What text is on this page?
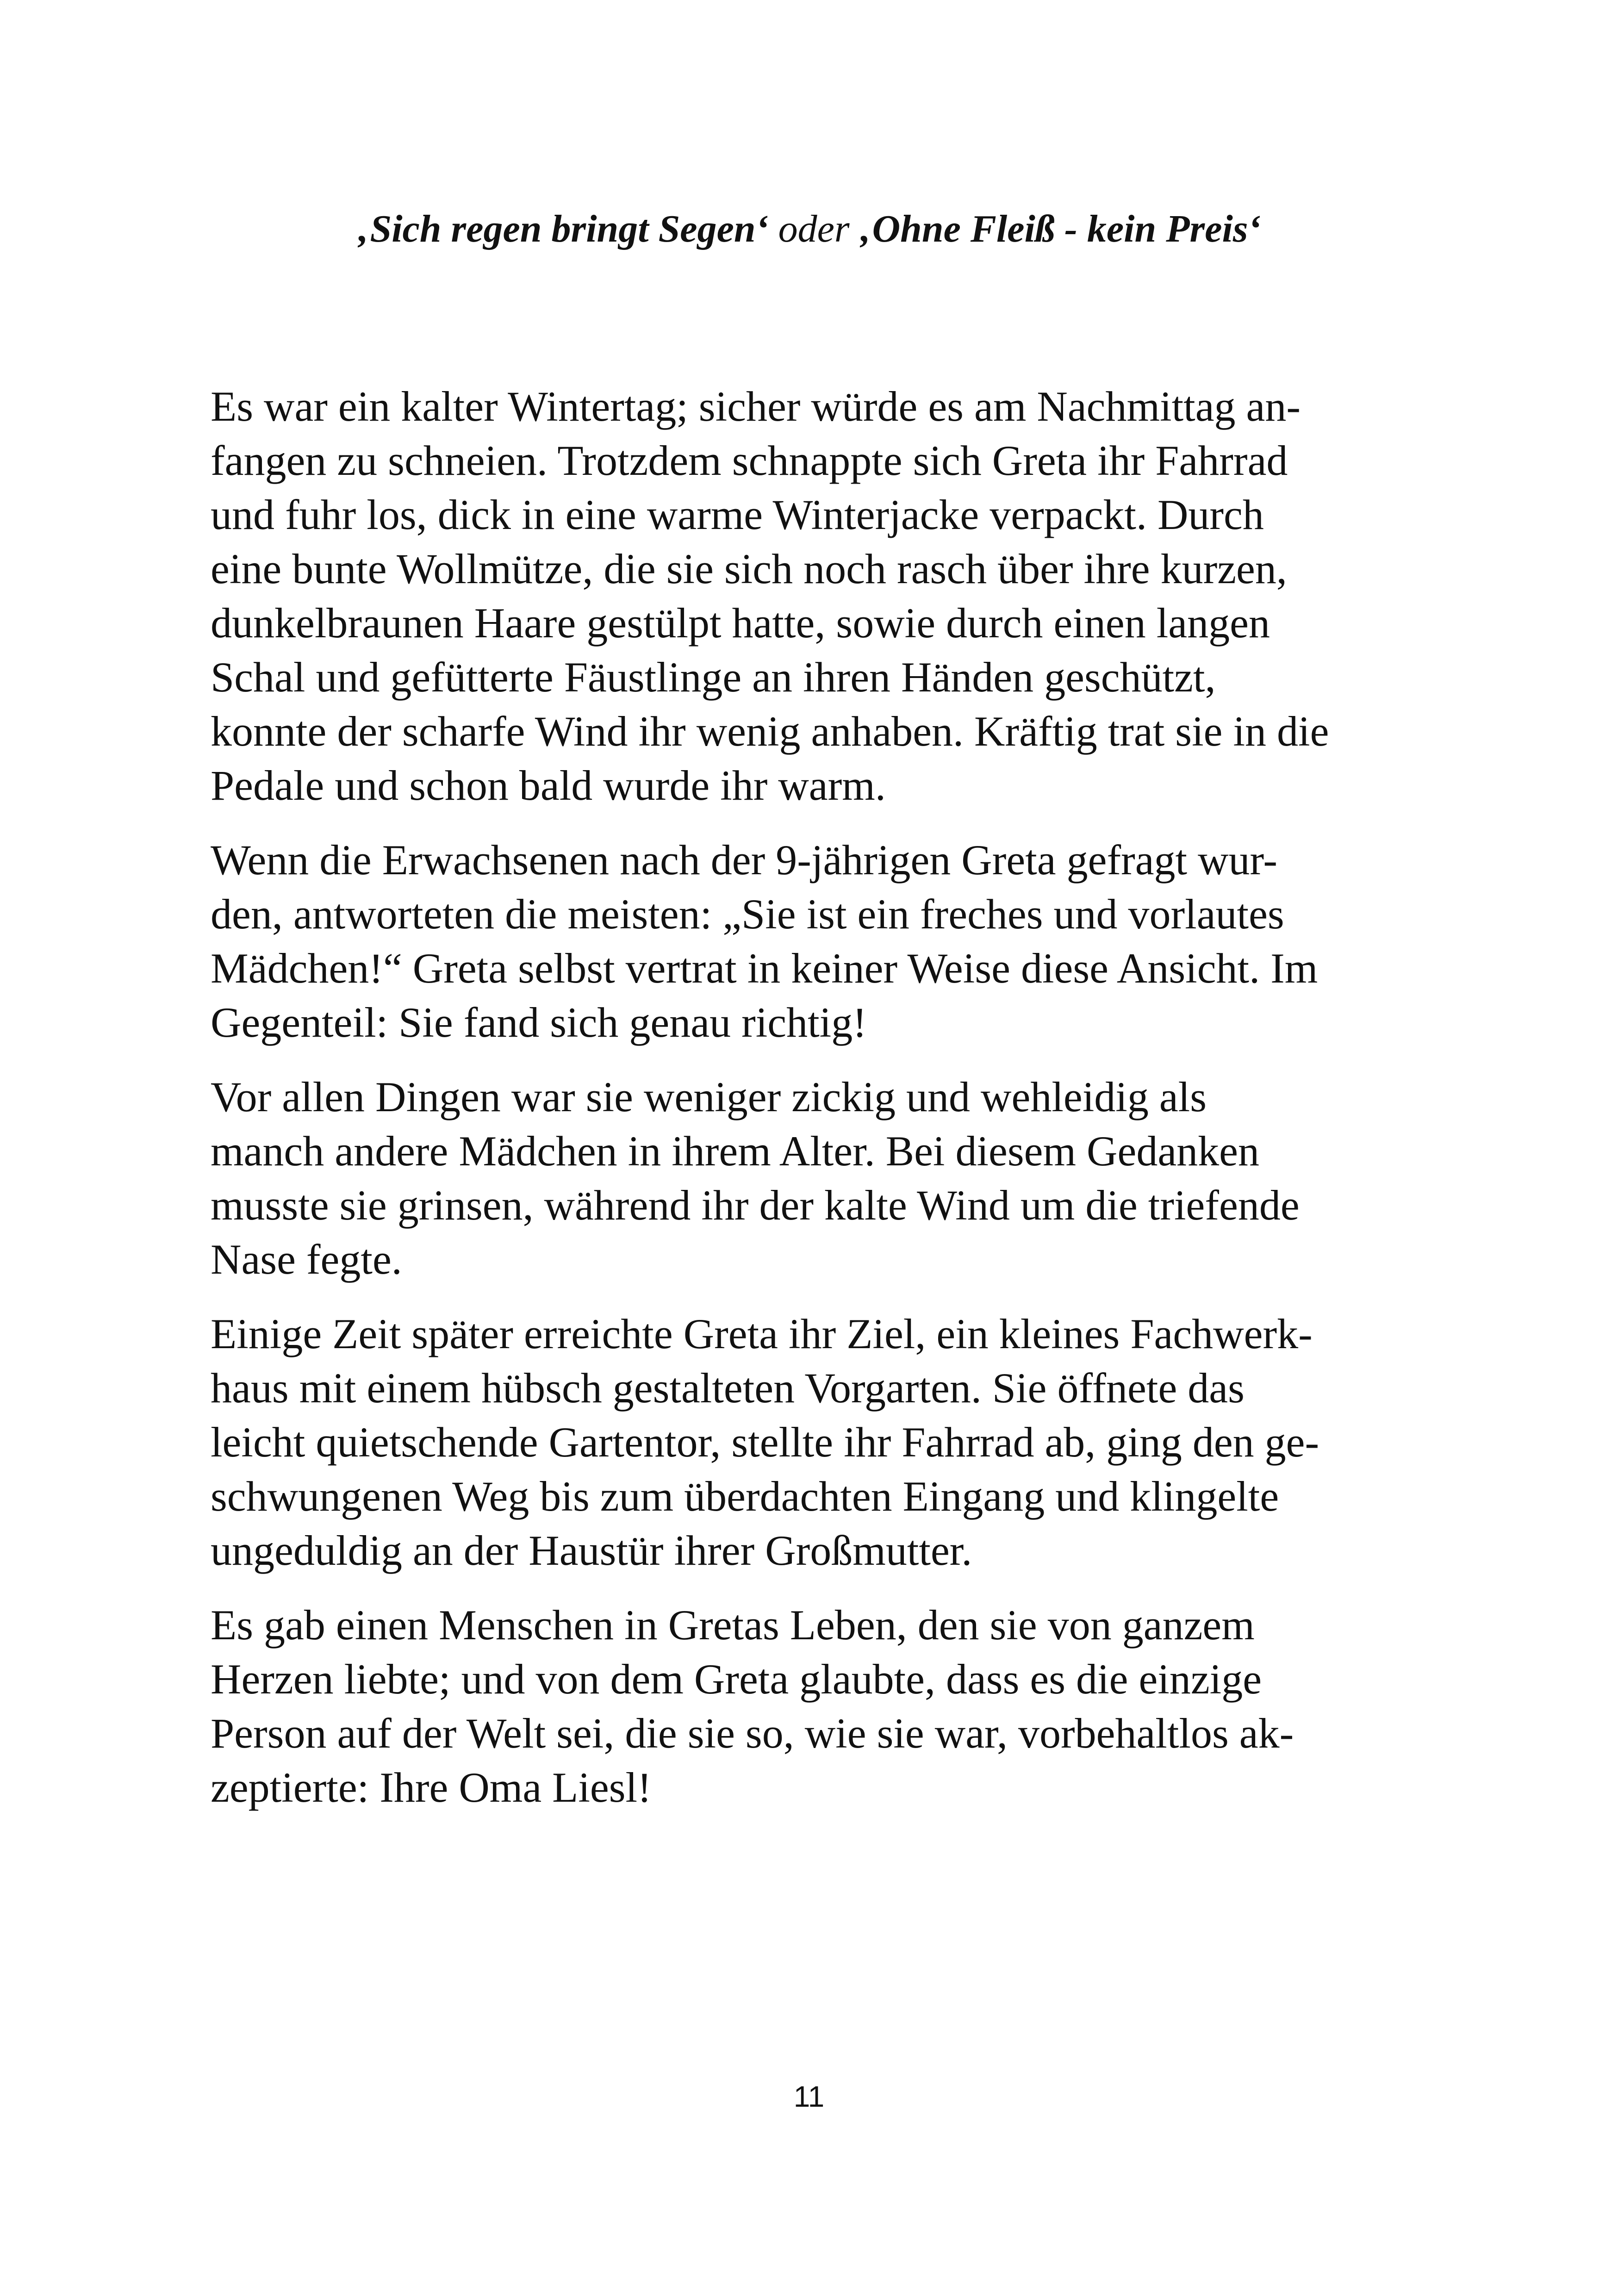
‚Sich regen bringt Segen‘ oder ‚Ohne Fleiß - kein Preis‘

Es war ein kalter Wintertag; sicher würde es am Nachmittag an-
fangen zu schneien. Trotzdem schnappte sich Greta ihr Fahrrad
und fuhr los, dick in eine warme Winterjacke verpackt. Durch
eine bunte Wollmütze, die sie sich noch rasch über ihre kurzen,
dunkelbraunen Haare gestülpt hatte, sowie durch einen langen
Schal und gefütterte Fäustlinge an ihren Händen geschützt,
konnte der scharfe Wind ihr wenig anhaben. Kräftig trat sie in die
Pedale und schon bald wurde ihr warm.

Wenn die Erwachsenen nach der 9-jährigen Greta gefragt wur-
den, antworteten die meisten: „Sie ist ein freches und vorlautes
Mädchen!“ Greta selbst vertrat in keiner Weise diese Ansicht. Im
Gegenteil: Sie fand sich genau richtig!

Vor allen Dingen war sie weniger zickig und wehleidig als
manch andere Mädchen in ihrem Alter. Bei diesem Gedanken
musste sie grinsen, während ihr der kalte Wind um die triefende
Nase fegte.

Einige Zeit später erreichte Greta ihr Ziel, ein kleines Fachwerk-
haus mit einem hübsch gestalteten Vorgarten. Sie öffnete das
leicht quietschende Gartentor, stellte ihr Fahrrad ab, ging den ge-
schwungenen Weg bis zum überdachten Eingang und klingelte
ungeduldig an der Haustür ihrer Großmutter.

Es gab einen Menschen in Gretas Leben, den sie von ganzem
Herzen liebte; und von dem Greta glaubte, dass es die einzige
Person auf der Welt sei, die sie so, wie sie war, vorbehaltlos ak-
zeptierte: Ihre Oma Liesl!

11
